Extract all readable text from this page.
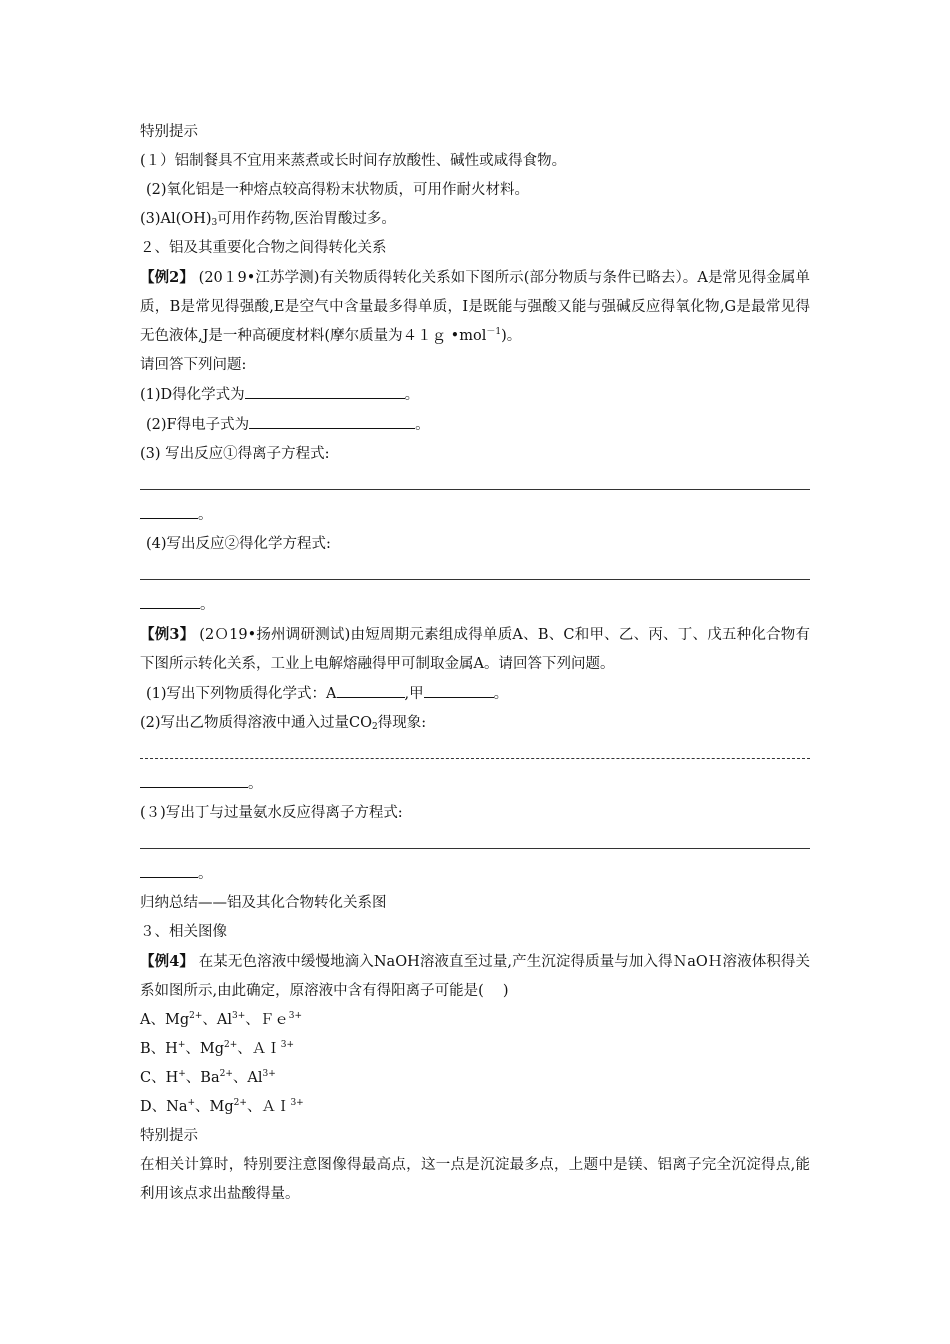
特别提示
(１）铝制餐具不宜用来蒸煮或长时间存放酸性、碱性或咸得食物。
(2)氧化铝是一种熔点较高得粉末状物质，可用作耐火材料。
$(3)Al(OH)_3$可用作药物,医治胃酸过多。
２、铝及其重要化合物之间得转化关系
【例2】 (20１9•江苏学测)有关物质得转化关系如下图所示(部分物质与条件已略去）。A是常见得金属单质，B是常见得强酸,E是空气中含量最多得单质，I是既能与强酸又能与强碱反应得氧化物,G是最常见得无色液体,J是一种高硬度材料(摩尔质量为４１ｇ •mol$^{-1}$)。
请回答下列问题:
(1)D得化学式为	。
(2)F得电子式为	。
(3) 写出反应①得离子方程式:
。
(4)写出反应②得化学方程式:
。
【例3】 (2Ｏ19•扬州调研测试)由短周期元素组成得单质A、B、C和甲、乙、丙、丁、戊五种化合物有下图所示转化关系，工业上电解熔融得甲可制取金属A。请回答下列问题。
(1)写出下列物质得化学式：A	,甲	。
(2)写出乙物质得溶液中通入过量$CO_2$得现象:
。
(３)写出丁与过量氨水反应得离子方程式:
。
归纳总结——铝及其化合物转化关系图
３、相关图像
【例4】 在某无色溶液中缓慢地滴入NaOH溶液直至过量,产生沉淀得质量与加入得ＮaOＨ溶液体积得关系如图所示,由此确定，原溶液中含有得阳离子可能是(　 )
A、$Mg^{2+}$、$Al^{3+}$、Ｆｅ$^{3+}$
B、H+、$Mg^{2+}$、ＡＩ$^{3+}$
C、H+、$Ba^{2+}$、$Al^{3+}$
D、Na+、$Mg^{2+}$、ＡＩ$^{3+}$
特别提示
在相关计算时，特别要注意图像得最高点，这一点是沉淀最多点，上题中是镁、铝离子完全沉淀得点,能利用该点求出盐酸得量。
